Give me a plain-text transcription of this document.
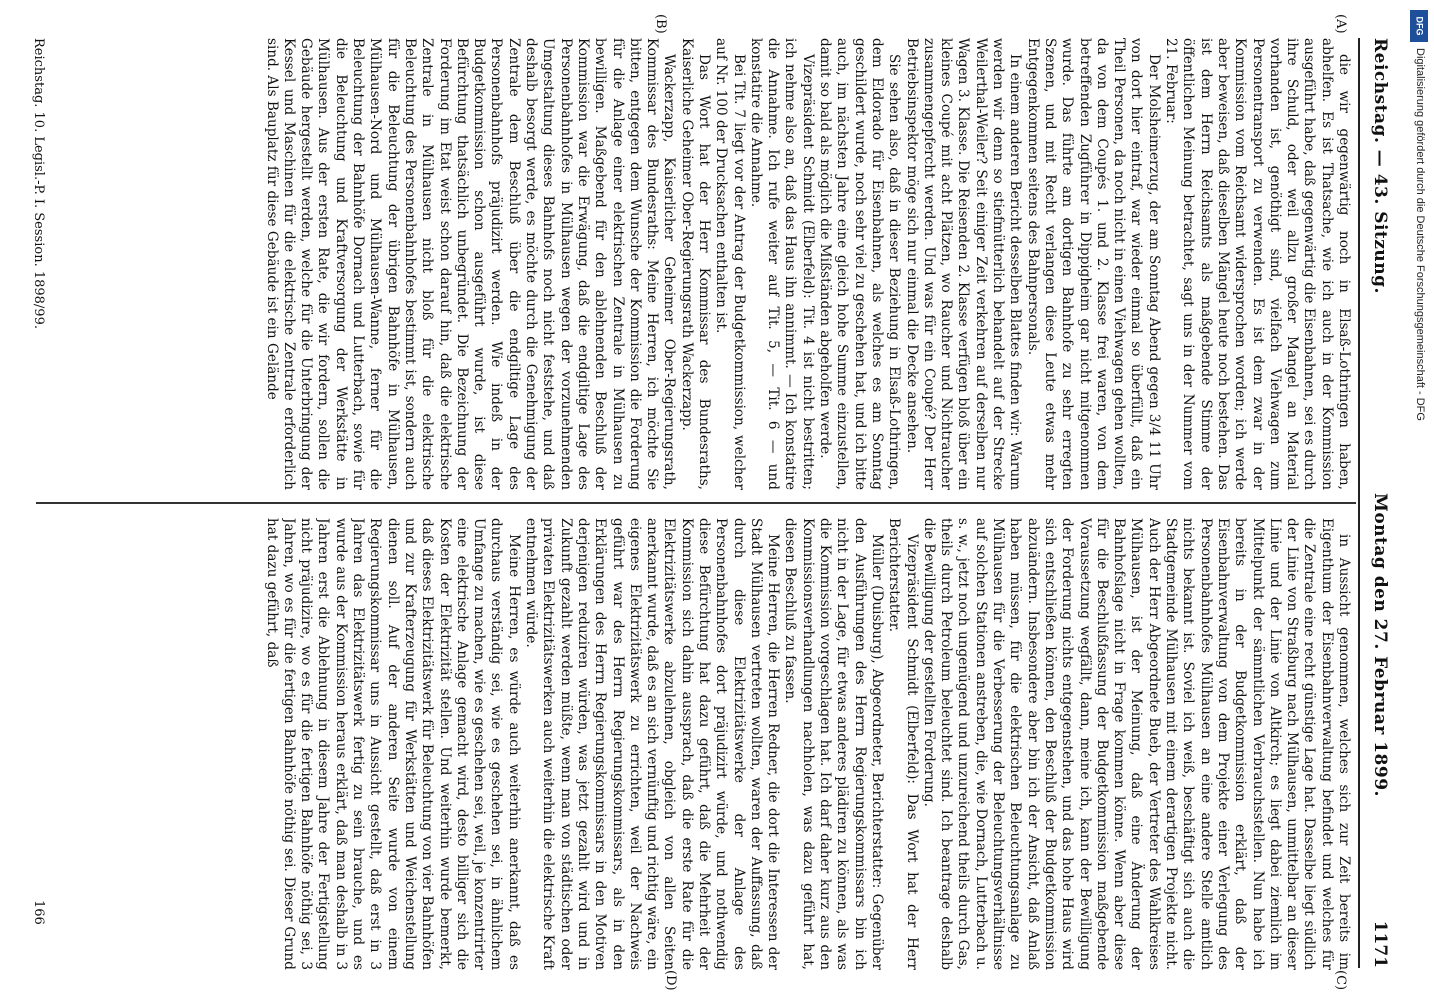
Reichstag. — 43. Sitzung.
Montag den 27. Februar 1899.
1171
(A)
(B)
(C)
(D)

die wir gegenwärtig noch in Elsaß-Lothringen haben, abhelfen. Es ist Thatsache, wie ich auch in der Kommission ausgeführt habe, daß gegenwärtig die Eisenbahnen, sei es durch ihre Schuld, oder weil allzu großer Mangel an Material vorhanden ist, genöthigt sind, vielfach Viehwagen zum Personentransport zu verwenden. Es ist dem zwar in der Kommission vom Reichsamt widersprochen worden; ich werde aber beweisen, daß dieselben Mängel heute noch bestehen. Das ist dem Herrn Reichsamts als maßgebende Stimme der öffentlichen Meinung betrachtet, sagt uns in der Nummer vom 21. Februar:

Der Molsheimerzug, der am Sonntag Abend gegen 3/4 11 Uhr von dort hier eintraf, war wieder einmal so überfüllt, daß ein Theil Personen, da noch nicht in einen Viehwagen gehen wollten, da von dem Coupés 1. und 2. Klasse frei waren, von dem betreffenden Zugführer in Dippigheim gar nicht mitgenommen wurde. Das führte am dortigen Bahnhofe zu sehr erregten Szenen, und mit Recht verlangen diese Leute etwas mehr Entgegenkommen seitens des Bahnpersonals.

In einem anderen Bericht desselben Blattes finden wir: Warum werden wir denn so stiefmütterlich behandelt auf der Strecke Weilerthal-Weiler? Seit einiger Zeit verkehren auf derselben nur Wagen 3. Klasse. Die Reisenden 2. Klasse verfügen bloß über ein kleines Coupé mit acht Plätzen, wo Raucher und Nichtraucher zusammengepfercht werden. Und was für ein Coupé? Der Herr Betriebsinspektor möge sich nur einmal die Decke ansehen.

Sie sehen also, daß in dieser Beziehung in Elsaß-Lothringen, dem Eldorado für Eisenbahnen, als welches es am Sonntag geschildert wurde, noch sehr viel zu geschehen hat, und ich bitte auch, im nächsten Jahre eine gleich hohe Summe einzustellen, damit so bald als möglich die Mißständen abgeholfen werde.

Vizepräsident Schmidt (Elberfeld): Tit. 4 ist nicht bestritten; ich nehme also an, daß das Haus ihn annimmt. — Ich konstatire die Annahme. Ich rufe weiter auf Tit. 5, — Tit. 6 — und konstatire die Annahme.

Bei Tit. 7 liegt vor der Antrag der Budgetkommission, welcher auf Nr. 100 der Drucksachen enthalten ist.

Das Wort hat der Herr Kommissar des Bundesraths, Kaiserliche Geheimer Ober-Regierungsrath Wackerzapp.

Wackerzapp, Kaiserlicher Geheimer Ober-Regierungsrath, Kommissar des Bundesraths: Meine Herren, ich möchte Sie bitten, entgegen dem Wunsche der Kommission die Forderung für die Anlage einer elektrischen Zentrale in Mülhausen zu bewilligen. Maßgebend für den ablehnenden Beschluß der Kommission war die Erwägung, daß die endgiltige Lage des Personenbahnhofes in Mülhausen wegen der vorzunehmenden Umgestaltung dieses Bahnhofs noch nicht feststehe, und daß deshalb besorgt werde, es möchte durch die Genehmigung der Zentrale dem Beschluß über die endgiltige Lage des Personenbahnhofs präjudizirt werden. Wie indeß in der Budgetkommission schon ausgeführt wurde, ist diese Befürchtung thatsächlich unbegründet. Die Bezeichnung der Forderung im Etat weist schon darauf hin, daß die elektrische Zentrale in Mülhausen nicht bloß für die elektrische Beleuchtung des Personenbahnhofes bestimmt ist, sondern auch für die Beleuchtung der übrigen Bahnhöfe in Mülhausen, Mülhausen-Nord und Mülhausen-Wanne, ferner für die Beleuchtung der Bahnhöfe Dornach und Lutterbach, sowie für die Beleuchtung und Kraftversorgung der Werkstätte in Mülhausen. Aus der ersten Rate, die wir fordern, sollen die Gebäude hergestellt werden, welche für die Unterbringung der Kessel und Maschinen für die elektrische Zentrale erforderlich sind. Als Bauplatz für diese Gebäude ist ein Gelände

in Aussicht genommen, welches sich zur Zeit bereits im Eigenthum der Eisenbahnverwaltung befindet und welches für die Zentrale eine recht günstige Lage hat. Dasselbe liegt südlich der Linie von Straßburg nach Mülhausen, unmittelbar an dieser Linie und der Linie von Altkirch; es liegt dabei ziemlich im Mittelpunkt der sämmtlichen Verbrauchsstellen. Nun habe ich bereits in der Budgetkommission erklärt, daß der Eisenbahnverwaltung von dem Projekte einer Verlegung des Personenbahnhofes Mülhausen an eine andere Stelle amtlich nichts bekannt ist. Soviel ich weiß, beschäftigt sich auch die Stadtgemeinde Mülhausen mit einem derartigen Projekte nicht. Auch der Herr Abgeordnete Bueb, der Vertreter des Wahlkreises Mülhausen, ist der Meinung, daß eine Änderung der Bahnhofslage nicht in Frage kommen könne. Wenn aber diese für die Beschlußfassung der Budgetkommission maßgebende Voraussetzung wegfällt, dann, meine ich, kann der Bewilligung der Forderung nichts entgegenstehen, und das hohe Haus wird sich entschließen können, den Beschluß der Budgetkommission abzuändern. Insbesondere aber bin ich der Ansicht, daß Anlaß haben müssen, für die elektrischen Beleuchtungsanlage zu Mülhausen für die Verbesserung der Beleuchtungsverhältnisse auf solchen Stationen anstreben, die, wie Dornach, Lutterbach u. s. w., jetzt noch ungenügend und unzureichend theils durch Gas, theils durch Petroleum beleuchtet sind. Ich beantrage deshalb die Bewilligung der gestellten Forderung.

Vizepräsident Schmidt (Elberfeld): Das Wort hat der Herr Berichterstatter.

Müller (Duisburg), Abgeordneter, Berichterstatter: Gegenüber den Ausführungen des Herrn Regierungskommissars bin ich nicht in der Lage, für etwas anderes plädiren zu können, als was die Kommission vorgeschlagen hat. Ich darf daher kurz aus den Kommissionsverhandlungen nachholen, was dazu geführt hat, diesen Beschluß zu fassen.

Meine Herren, die Herren Redner, die dort die Interessen der Stadt Mülhausen vertreten wollten, waren der Auffassung, daß durch diese Elektrizitätswerke der Anlage des Personenbahnhofes dort präjudizirt würde, und nothwendig diese Befürchtung hat dazu geführt, daß die Mehrheit der Kommission sich dahin aussprach, daß die erste Rate für die Elektrizitätswerke abzulehnen, obgleich von allen Seiten anerkannt wurde, daß es an sich vernünftig und richtig wäre, ein eigenes Elektrizitätswerk zu errichten, weil der Nachweis geführt war des Herrn Regierungskommissars, als in den Erklärungen des Herrn Regierungskommissars in den Motiven derjenigen reduziren würden, was jetzt gezahlt wird und in Zukunft gezahlt werden müßte, wenn man von städtischen oder privaten Elektrizitätswerken auch weiterhin die elektrische Kraft entnehmen würde.

Meine Herren, es würde auch weiterhin anerkannt, daß es durchaus verständig sei, wie es geschehen sei, in ähnlichem Umfange zu machen, wie es geschehen sei, weil, je konzentrirter eine elektrische Anlage gemacht wird, desto billiger sich die Kosten der Elektrizität stellen. Und weiterhin wurde bemerkt, daß dieses Elektrizitätswerk für Beleuchtung von vier Bahnhöfen und zur Krafterzeugung für Werkstätten und Weichenstellung dienen soll. Auf der anderen Seite wurde von einem Regierungskommissar uns in Aussicht gestellt, daß erst in 3 Jahren das Elektrizitätswerk fertig zu sein brauche, und es wurde aus der Kommission heraus erklärt, daß man deshalb in 3 Jahren erst die Ablehnung in diesem Jahre der Fertigstellung nicht präjudizire, wo es für die fertigen Bahnhöfe nöthig sei, 3 Jahren, wo es für die fertigen Bahnhöfe nöthig sei. Dieser Grund hat dazu geführt, daß

Reichstag. 10. Legisl.-P. I. Session. 1898/99.
166
DFG
Digitalisierung gefördert durch die Deutsche Forschungsgemeinschaft - DFG
